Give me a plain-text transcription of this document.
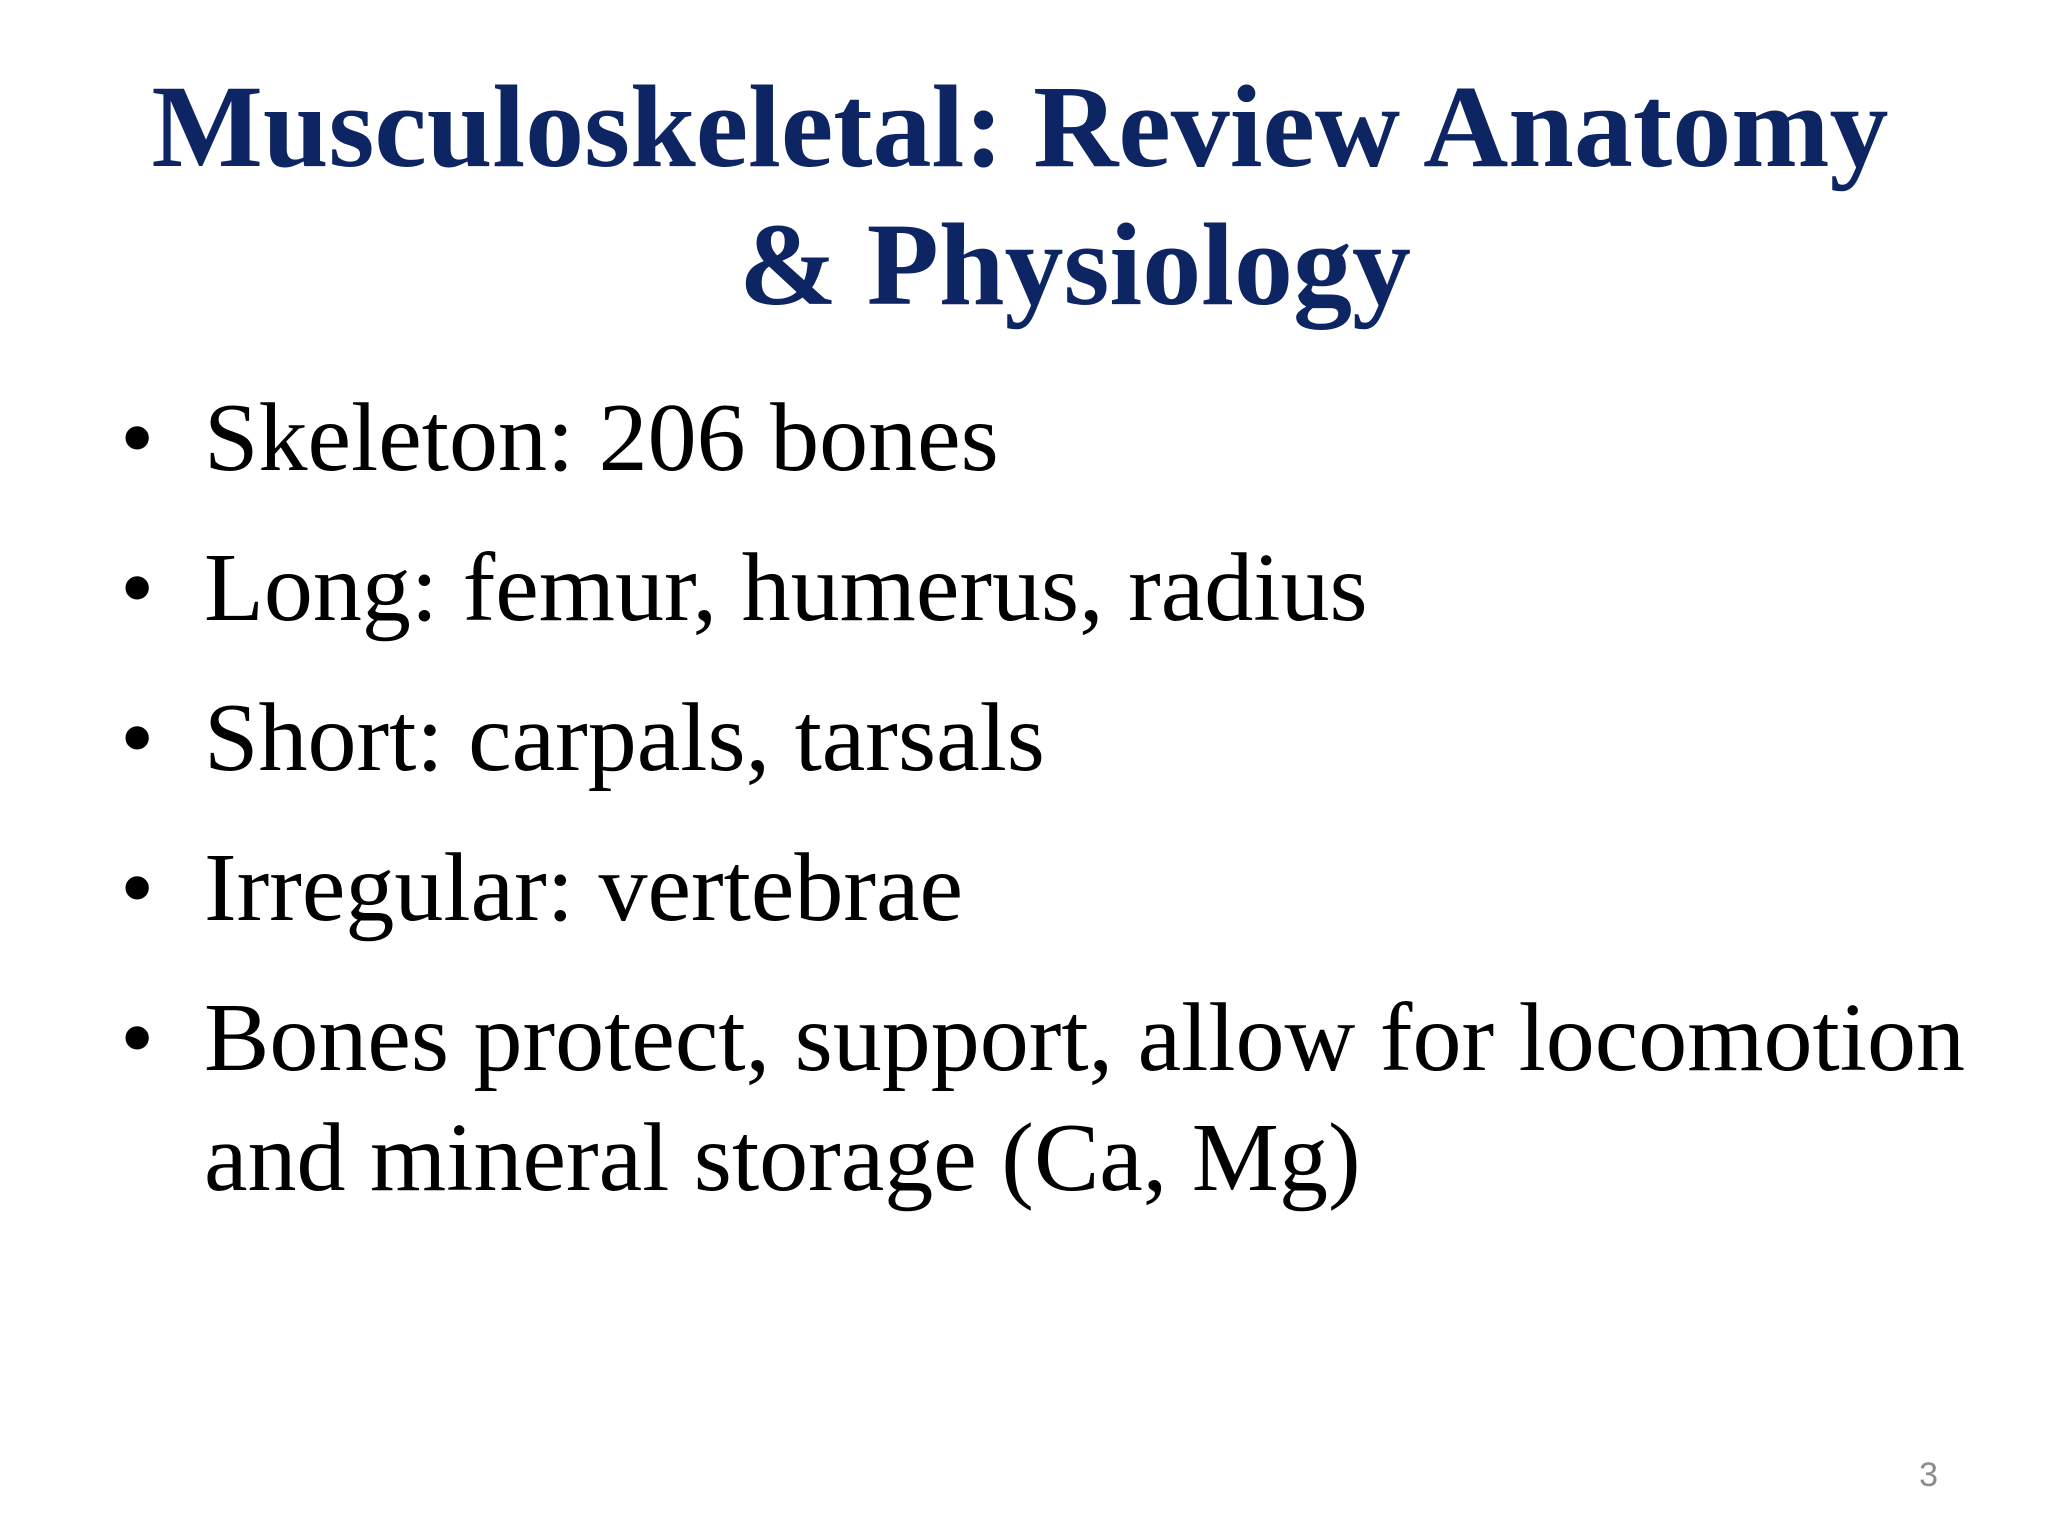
Musculoskeletal: Review Anatomy
& Physiology
• Skeleton: 206 bones
• Long: femur, humerus, radius
• Short: carpals, tarsals
• Irregular: vertebrae
• Bones protect, support, allow for locomotion and mineral storage (Ca, Mg)
3
